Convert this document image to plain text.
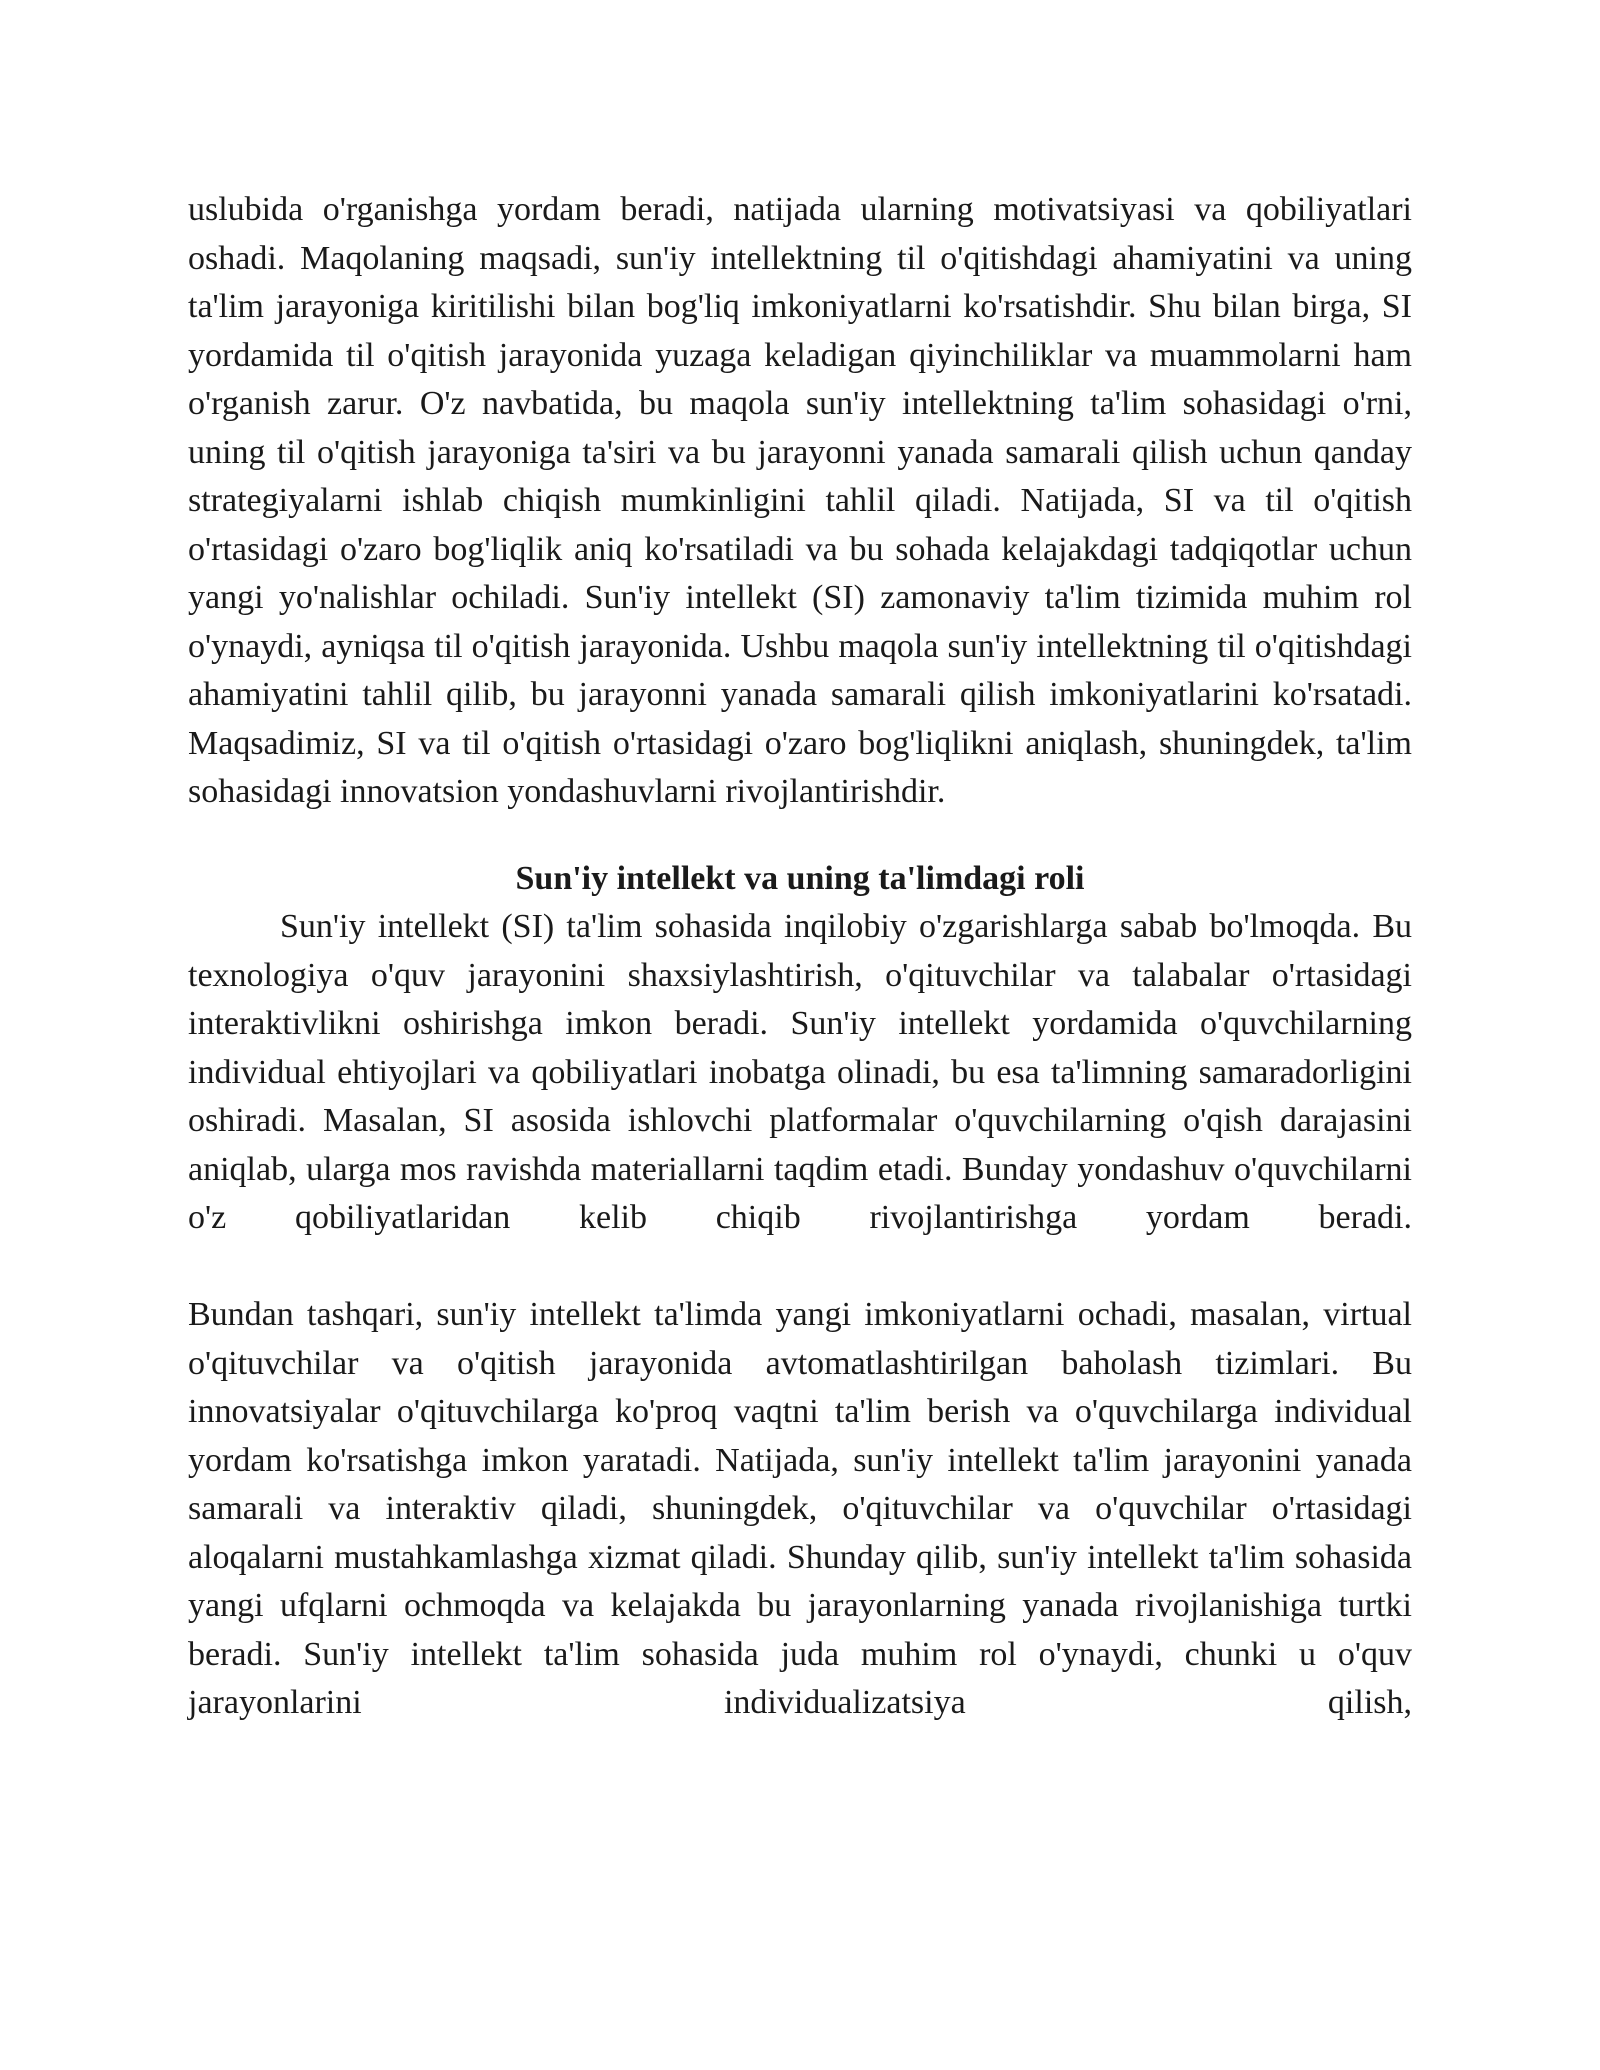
uslubida o'rganishga yordam beradi, natijada ularning motivatsiyasi va qobiliyatlari oshadi. Maqolaning maqsadi, sun'iy intellektning til o'qitishdagi ahamiyatini va uning ta'lim jarayoniga kiritilishi bilan bog'liq imkoniyatlarni ko'rsatishdir. Shu bilan birga, SI yordamida til o'qitish jarayonida yuzaga keladigan qiyinchiliklar va muammolarni ham o'rganish zarur. O'z navbatida, bu maqola sun'iy intellektning ta'lim sohasidagi o'rni, uning til o'qitish jarayoniga ta'siri va bu jarayonni yanada samarali qilish uchun qanday strategiyalarni ishlab chiqish mumkinligini tahlil qiladi. Natijada, SI va til o'qitish o'rtasidagi o'zaro bog'liqlik aniq ko'rsatiladi va bu sohada kelajakdagi tadqiqotlar uchun yangi yo'nalishlar ochiladi. Sun'iy intellekt (SI) zamonaviy ta'lim tizimida muhim rol o'ynaydi, ayniqsa til o'qitish jarayonida. Ushbu maqola sun'iy intellektning til o'qitishdagi ahamiyatini tahlil qilib, bu jarayonni yanada samarali qilish imkoniyatlarini ko'rsatadi. Maqsadimiz, SI va til o'qitish o'rtasidagi o'zaro bog'liqlikni aniqlash, shuningdek, ta'lim sohasidagi innovatsion yondashuvlarni rivojlantirishdir.

Sun'iy intellekt va uning ta'limdagi roli

Sun'iy intellekt (SI) ta'lim sohasida inqilobiy o'zgarishlarga sabab bo'lmoqda. Bu texnologiya o'quv jarayonini shaxsiylashtirish, o'qituvchilar va talabalar o'rtasidagi interaktivlikni oshirishga imkon beradi. Sun'iy intellekt yordamida o'quvchilarning individual ehtiyojlari va qobiliyatlari inobatga olinadi, bu esa ta'limning samaradorligini oshiradi. Masalan, SI asosida ishlovchi platformalar o'quvchilarning o'qish darajasini aniqlab, ularga mos ravishda materiallarni taqdim etadi. Bunday yondashuv o'quvchilarni o'z qobiliyatlaridan kelib chiqib rivojlantirishga yordam beradi.

Bundan tashqari, sun'iy intellekt ta'limda yangi imkoniyatlarni ochadi, masalan, virtual o'qituvchilar va o'qitish jarayonida avtomatlashtirilgan baholash tizimlari. Bu innovatsiyalar o'qituvchilarga ko'proq vaqtni ta'lim berish va o'quvchilarga individual yordam ko'rsatishga imkon yaratadi. Natijada, sun'iy intellekt ta'lim jarayonini yanada samarali va interaktiv qiladi, shuningdek, o'qituvchilar va o'quvchilar o'rtasidagi aloqalarni mustahkamlashga xizmat qiladi. Shunday qilib, sun'iy intellekt ta'lim sohasida yangi ufqlarni ochmoqda va kelajakda bu jarayonlarning yanada rivojlanishiga turtki beradi. Sun'iy intellekt ta'lim sohasida juda muhim rol o'ynaydi, chunki u o'quv jarayonlarini individualizatsiya qilish,
